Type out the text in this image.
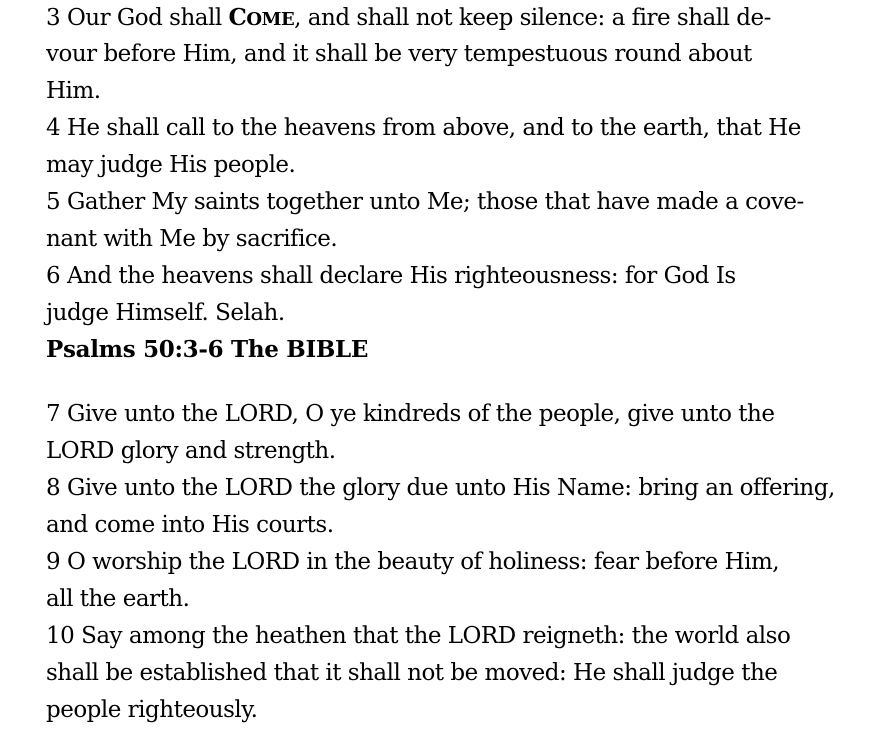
3 Our God shall COME, and shall not keep silence: a fire shall de-
vour before Him, and it shall be very tempestuous round about
Him.
4 He shall call to the heavens from above, and to the earth, that He
may judge His people.
5 Gather My saints together unto Me; those that have made a cove-
nant with Me by sacrifice.
6 And the heavens shall declare His righteousness: for God Is
judge Himself. Selah.
Psalms 50:3-6 The BIBLE
7 Give unto the LORD, O ye kindreds of the people, give unto the
LORD glory and strength.
8 Give unto the LORD the glory due unto His Name: bring an offering,
and come into His courts.
9 O worship the LORD in the beauty of holiness: fear before Him,
all the earth.
10 Say among the heathen that the LORD reigneth: the world also
shall be established that it shall not be moved: He shall judge the
people righteously.
